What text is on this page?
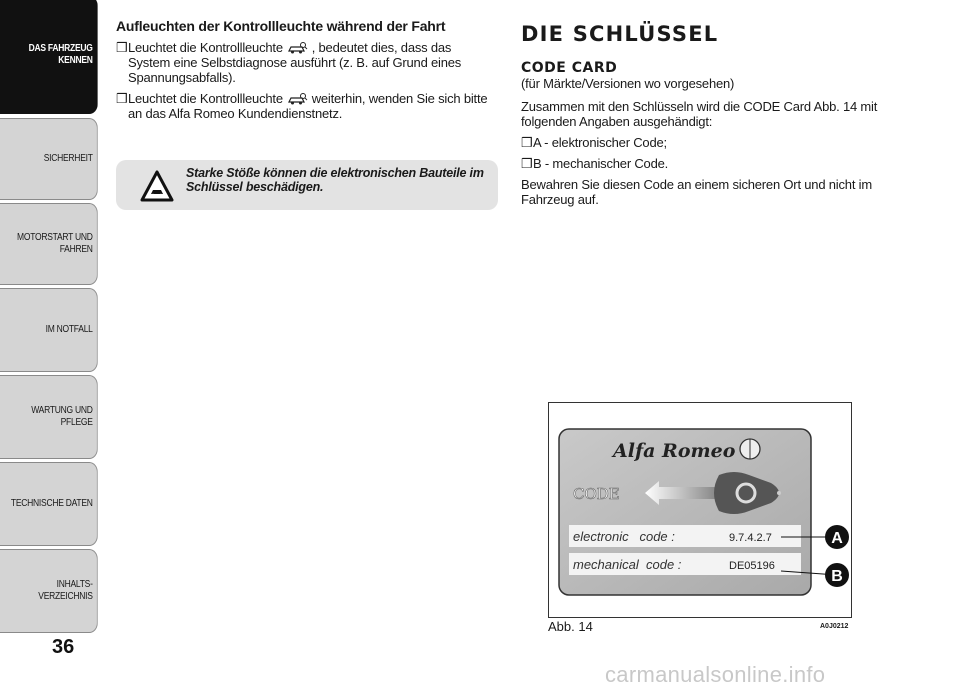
DAS FAHRZEUG
KENNEN
SICHERHEIT
MOTORSTART UND
FAHREN
IM NOTFALL
WARTUNG UND
PFLEGE
TECHNISCHE DATEN
INHALTS-
VERZEICHNIS
36
Aufleuchten der Kontrollleuchte während der Fahrt
❒ Leuchtet die Kontrollleuchte , bedeutet dies, dass das System eine Selbstdiagnose ausführt (z. B. auf Grund eines Spannungsabfalls).
❒ Leuchtet die Kontrollleuchte weiterhin, wenden Sie sich bitte an das Alfa Romeo Kundendienstnetz.
Starke Stöße können die elektronischen Bauteile im Schlüssel beschädigen.
DIE SCHLÜSSEL
CODE CARD

(für Märkte/Versionen wo vorgesehen)

Zusammen mit den Schlüsseln wird die CODE Card Abb. 14 mit folgenden Angaben ausgehändigt:

❒ A - elektronischer Code;
❒ B - mechanischer Code.

Bewahren Sie diesen Code an einem sicheren Ort und nicht im Fahrzeug auf.

Alfa Romeo
CODE
electronic   code :	9.7.4.2.7
mechanical  code :	DE05196
A
B
Abb. 14	A0J0212
carmanualsonline.info
